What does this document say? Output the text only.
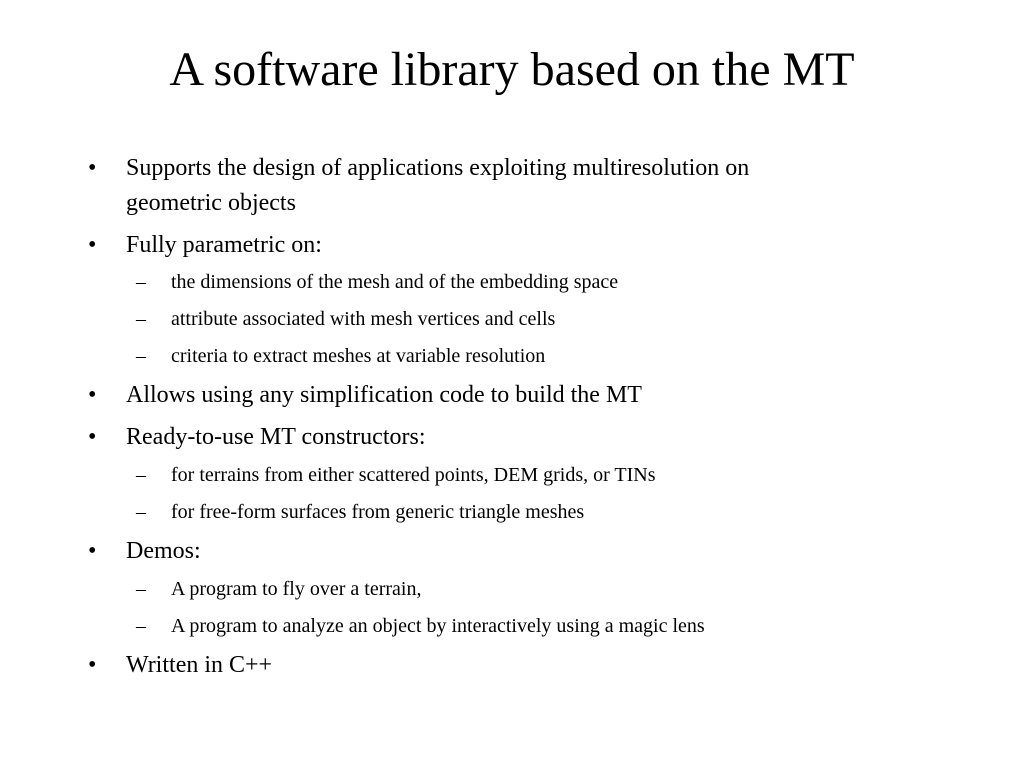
A software library based on the MT
• Supports the design of applications exploiting multiresolution on
geometric objects
• Fully parametric on:
– the dimensions of the mesh and of the embedding space
– attribute associated with mesh vertices and cells
– criteria to extract meshes at variable resolution
• Allows using any simplification code to build the MT
• Ready-to-use MT constructors:
– for terrains from either scattered points, DEM grids, or TINs
– for free-form surfaces from generic triangle meshes
• Demos:
– A program to fly over a terrain,
– A program to analyze an object by interactively using a magic lens
• Written in C++
